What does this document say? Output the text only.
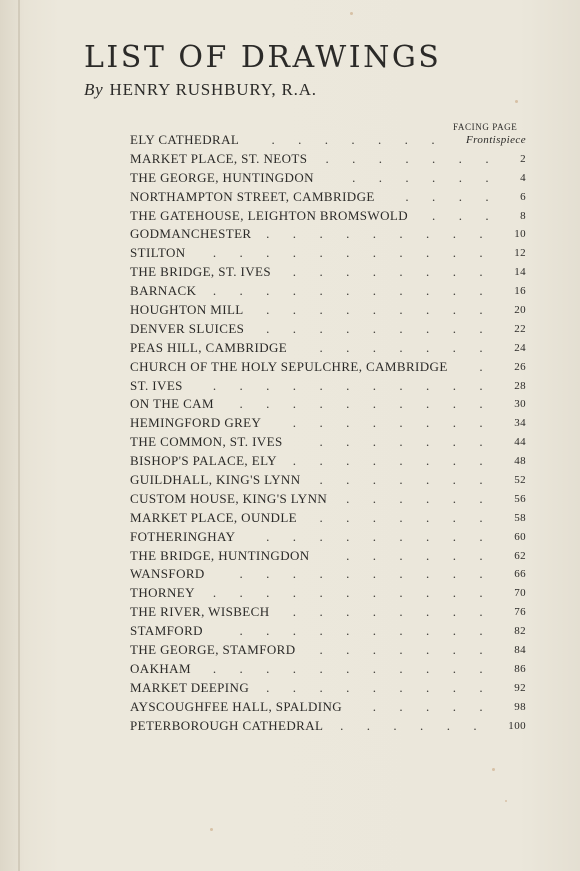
LIST OF DRAWINGS
By HENRY RUSHBURY, R.A.
FACING PAGE
ELY CATHEDRAL	Frontispiece
.......
MARKET PLACE, ST. NEOTS	2
.......
THE GEORGE, HUNTINGDON	4
......
NORTHAMPTON STREET, CAMBRIDGE	6
....
THE GATEHOUSE, LEIGHTON BROMSWOLD	8
...
GODMANCHESTER	10
.........
STILTON	12
...........
THE BRIDGE, ST. IVES	14
........
BARNACK	16
...........
HOUGHTON MILL	20
.........
DENVER SLUICES	22
.........
PEAS HILL, CAMBRIDGE	24
.......
CHURCH OF THE HOLY SEPULCHRE, CAMBRIDGE	26
.
ST. IVES	28
...........
ON THE CAM	30
..........
HEMINGFORD GREY	34
........
THE COMMON, ST. IVES	44
.......
BISHOP'S PALACE, ELY	48
........
GUILDHALL, KING'S LYNN	52
.......
CUSTOM HOUSE, KING'S LYNN	56
......
MARKET PLACE, OUNDLE	58
.......
FOTHERINGHAY	60
.........
THE BRIDGE, HUNTINGDON	62
......
WANSFORD	66
..........
THORNEY	70
...........
THE RIVER, WISBECH	76
........
STAMFORD	82
..........
THE GEORGE, STAMFORD	84
.......
OAKHAM	86
...........
MARKET DEEPING	92
.........
AYSCOUGHFEE HALL, SPALDING	98
.....
PETERBOROUGH CATHEDRAL	100
......
